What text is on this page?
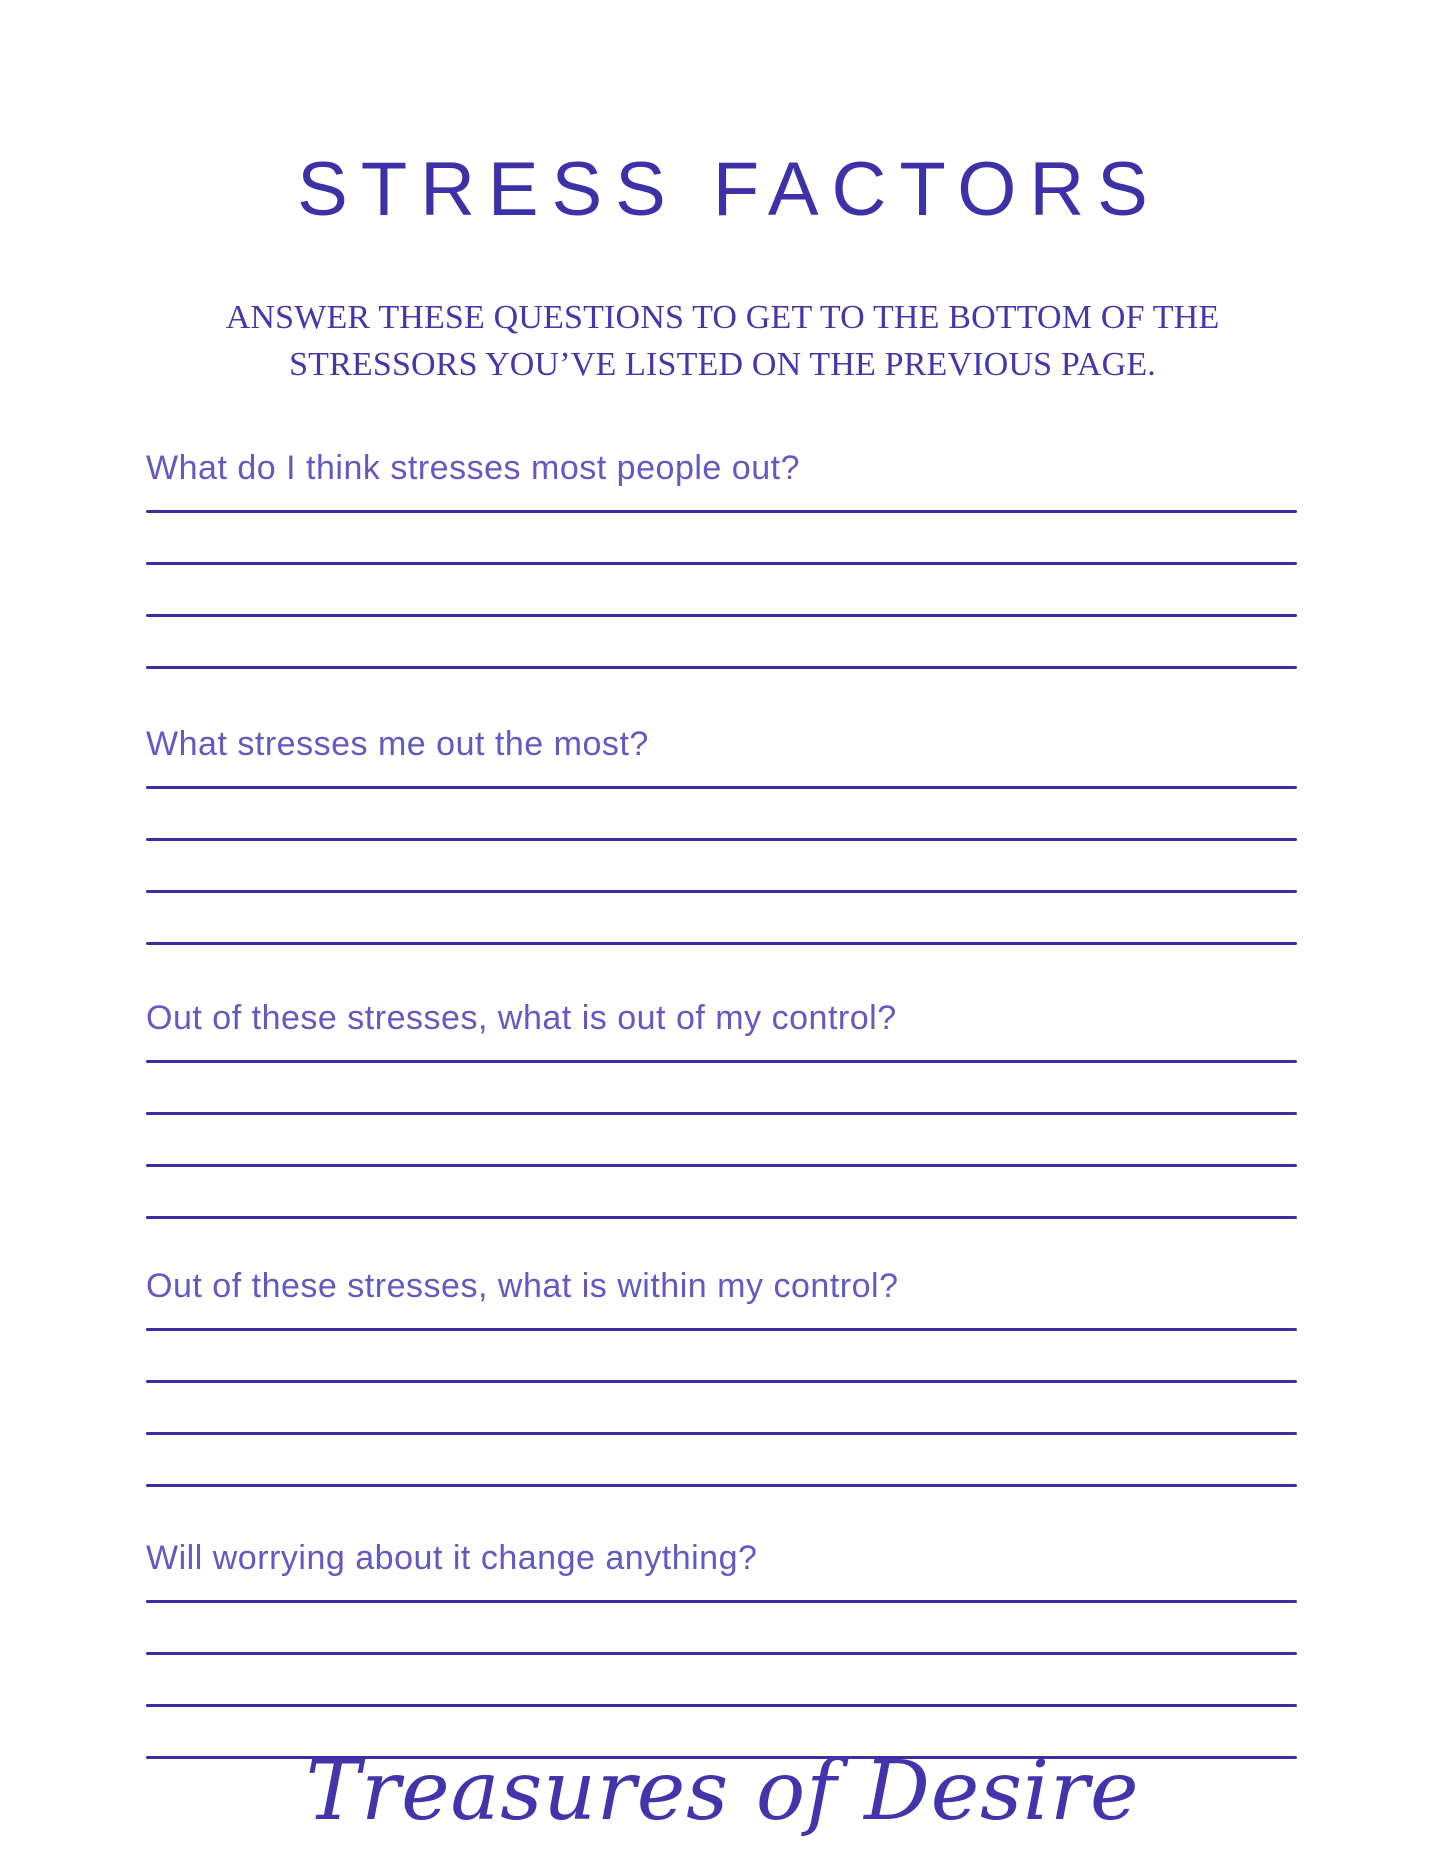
STRESS FACTORS
ANSWER THESE QUESTIONS TO GET TO THE BOTTOM OF THE
STRESSORS YOU’VE LISTED ON THE PREVIOUS PAGE.
What do I think stresses most people out?
What stresses me out the most?
Out of these stresses, what is out of my control?
Out of these stresses, what is within my control?
Will worrying about it change anything?
Treasures of Desire
